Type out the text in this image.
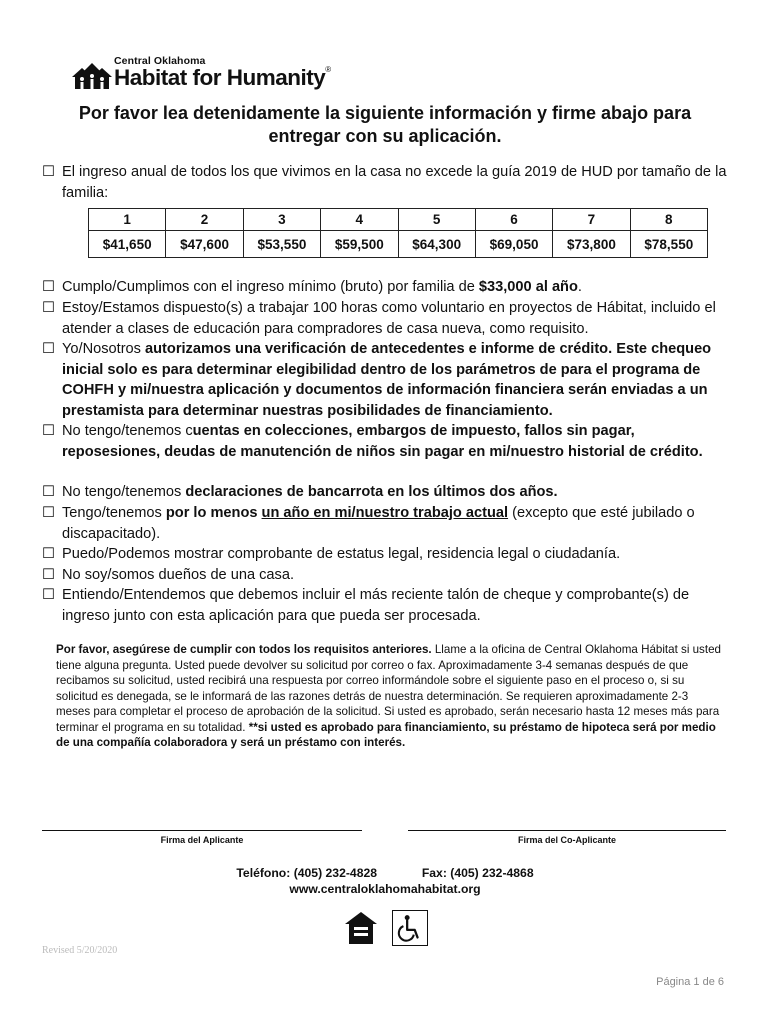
Central Oklahoma
Habitat for Humanity®
Por favor lea detenidamente la siguiente información y firme abajo para
entregar con su aplicación.
☐ El ingreso anual de todos los que vivimos en la casa no excede la guía 2019 de HUD por tamaño de la familia:
1	2	3	4	5	6	7	8
$41,650	$47,600	$53,550	$59,500	$64,300	$69,050	$73,800	$78,550
☐ Cumplo/Cumplimos con el ingreso mínimo (bruto) por familia de $33,000 al año.
☐ Estoy/Estamos dispuesto(s) a trabajar 100 horas como voluntario en proyectos de Hábitat, incluido el atender a clases de educación para compradores de casa nueva, como requisito.
☐ Yo/Nosotros autorizamos una verificación de antecedentes e informe de crédito. Este chequeo inicial solo es para determinar elegibilidad dentro de los parámetros de para el programa de COHFH y mi/nuestra aplicación y documentos de información financiera serán enviadas a un prestamista para determinar nuestras posibilidades de financiamiento.
☐ No tengo/tenemos cuentas en colecciones, embargos de impuesto, fallos sin pagar, reposesiones, deudas de manutención de niños sin pagar en mi/nuestro historial de crédito.
☐ No tengo/tenemos declaraciones de bancarrota en los últimos dos años.
☐ Tengo/tenemos por lo menos un año en mi/nuestro trabajo actual (excepto que esté jubilado o discapacitado).
☐ Puedo/Podemos mostrar comprobante de estatus legal, residencia legal o ciudadanía.
☐ No soy/somos dueños de una casa.
☐ Entiendo/Entendemos que debemos incluir el más reciente talón de cheque y comprobante(s) de ingreso junto con esta aplicación para que pueda ser procesada.
Por favor, asegúrese de cumplir con todos los requisitos anteriores. Llame a la oficina de Central Oklahoma Hábitat si usted tiene alguna pregunta. Usted puede devolver su solicitud por correo o fax. Aproximadamente 3-4 semanas después de que recibamos su solicitud, usted recibirá una respuesta por correo informándole sobre el siguiente paso en el proceso o, si su solicitud es denegada, se le informará de las razones detrás de nuestra determinación. Se requieren aproximadamente 2-3 meses para completar el proceso de aprobación de la solicitud. Si usted es aprobado, serán necesario hasta 12 meses más para terminar el programa en su totalidad. **si usted es aprobado para financiamiento, su préstamo de hipoteca será por medio de una compañía colaboradora y será un préstamo con interés.
Firma del Aplicante	Firma del Co-Aplicante
Teléfono: (405) 232-4828	Fax: (405) 232-4868
www.centraloklahomahabitat.org
Revised 5/20/2020
Página 1 de 6
